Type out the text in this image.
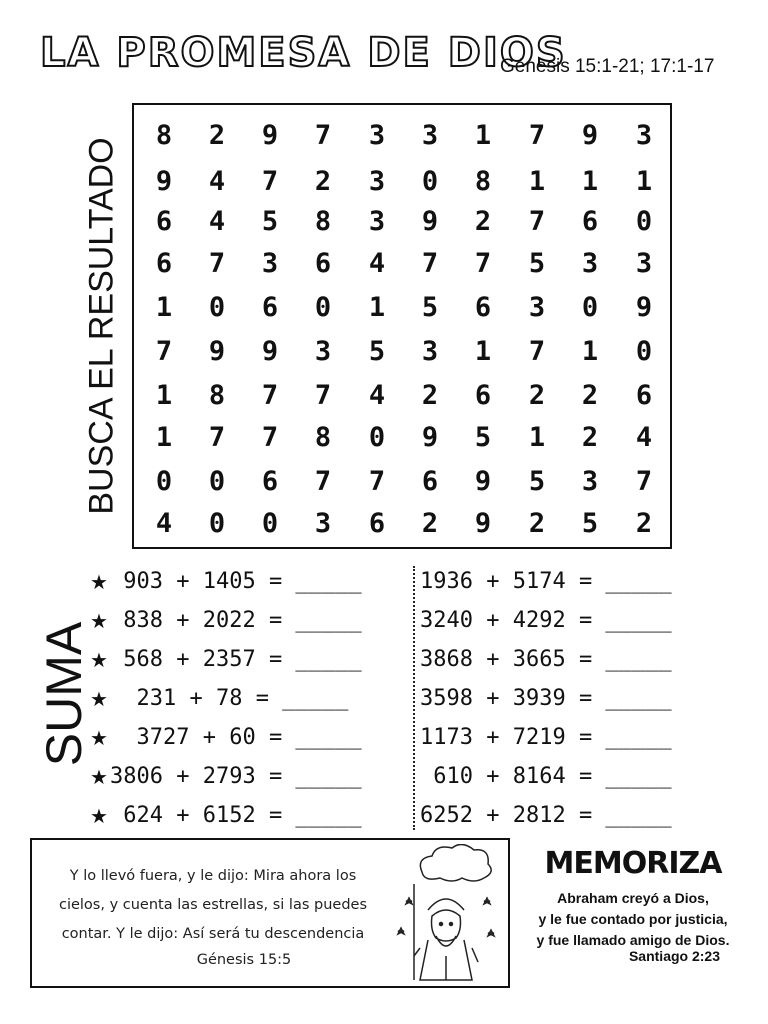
LA PROMESA DE DIOS
Génesis 15:1-21; 17:1-17
BUSCA EL RESULTADO
8	2	9	7	3	3	1	7	9	3
9	4	7	2	3	0	8	1	1	1
6	4	5	8	3	9	2	7	6	0
6	7	3	6	4	7	7	5	3	3
1	0	6	0	1	5	6	3	0	9
7	9	9	3	5	3	1	7	1	0
1	8	7	7	4	2	6	2	2	6
1	7	7	8	0	9	5	1	2	4
0	0	6	7	7	6	9	5	3	7
4	0	0	3	6	2	9	2	5	2
SUMA
★ 903 + 1405 = _____
★ 838 + 2022 = _____
★ 568 + 2357 = _____
★ 231 + 78 = _____
★ 3727 + 60 = _____
★ 3806 + 2793 = _____
★ 624 + 6152 = _____
1936 + 5174 = _____
3240 + 4292 = _____
3868 + 3665 = _____
3598 + 3939 = _____
1173 + 7219 = _____
610 + 8164 = _____
6252 + 2812 = _____
Y lo llevó fuera, y le dijo: Mira ahora los
cielos, y cuenta las estrellas, si las puedes
contar. Y le dijo: Así será tu descendencia
Génesis 15:5
MEMORIZA
Abraham creyó a Dios,
y le fue contado por justicia,
y fue llamado amigo de Dios.
Santiago 2:23
